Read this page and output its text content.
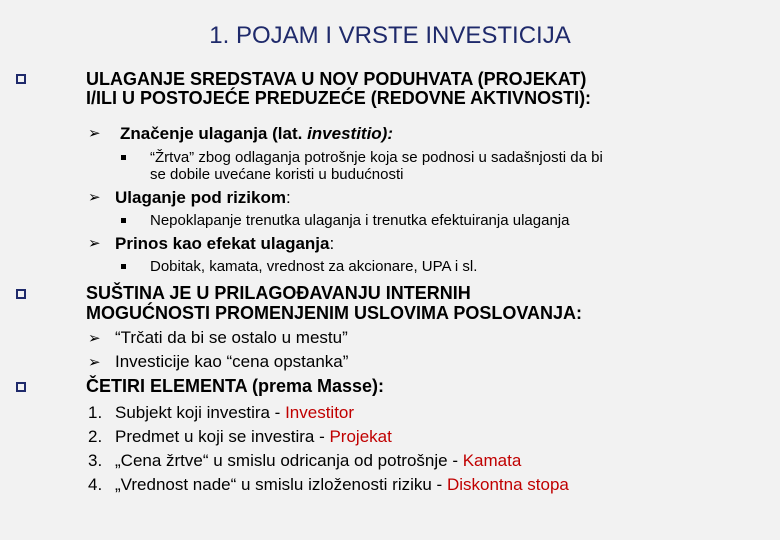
1. POJAM I VRSTE INVESTICIJA
ULAGANJE SREDSTAVA U NOV PODUHVATA (PROJEKAT)
I/ILI U POSTOJEĆE PREDUZEĆE (REDOVNE AKTIVNOSTI):
➢ Značenje ulaganja (lat. investitio):
“Žrtva” zbog odlaganja potrošnje koja se podnosi u sadašnjosti da bi
se dobile uvećane koristi u budućnosti
➢ Ulaganje pod rizikom:
Nepoklapanje trenutka ulaganja i trenutka efektuiranja ulaganja
➢ Prinos kao efekat ulaganja:
Dobitak, kamata, vrednost za akcionare, UPA i sl.
SUŠTINA JE U PRILAGOĐAVANJU INTERNIH
MOGUĆNOSTI PROMENJENIM USLOVIMA POSLOVANJA:
➢ “Trčati da bi se ostalo u mestu”
➢ Investicije kao “cena opstanka”
ČETIRI ELEMENTA (prema Masse):
1. Subjekt koji investira - Investitor
2. Predmet u koji se investira - Projekat
3. „Cena žrtve“ u smislu odricanja od potrošnje - Kamata
4. „Vrednost nade“ u smislu izloženosti riziku - Diskontna stopa
